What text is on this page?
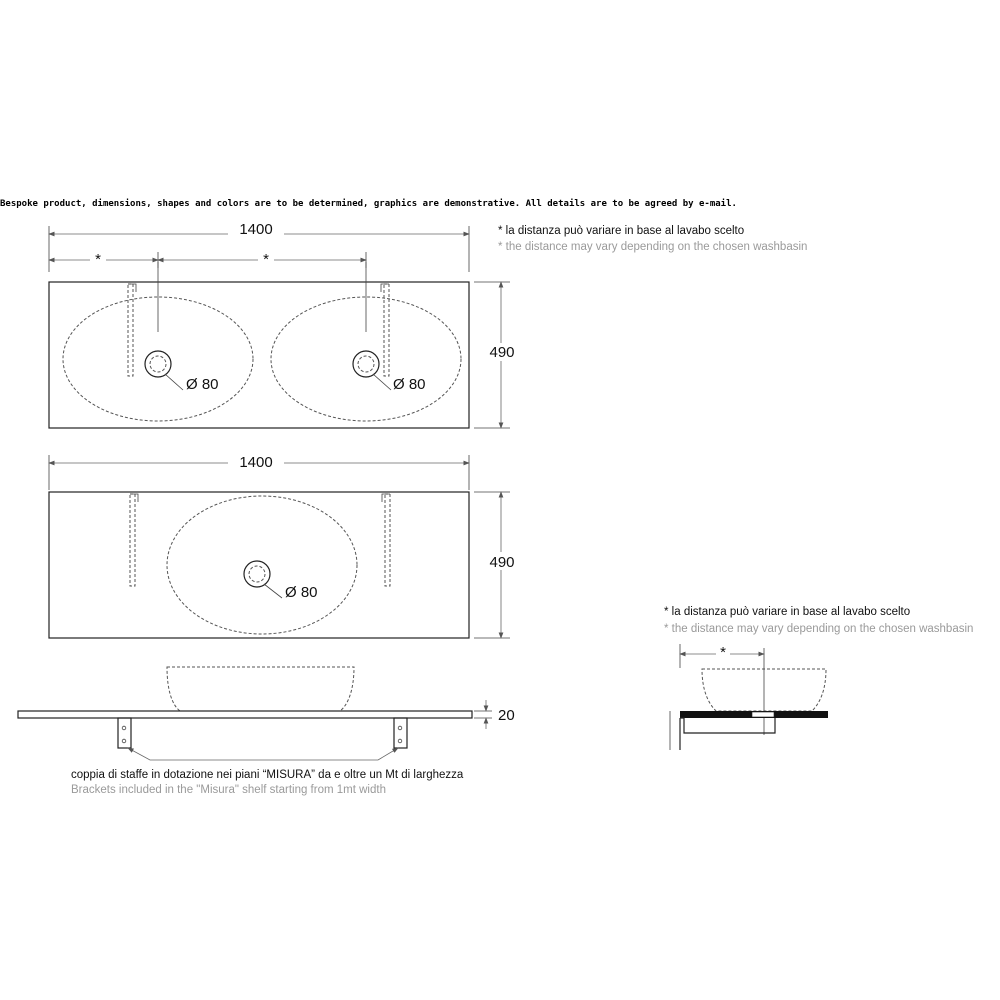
Bespoke product, dimensions, shapes and colors are to be determined, graphics are demonstrative. All details are to be agreed by e-mail.
1400
*	*
Ø 80	Ø 80
490
* la distanza può variare in base al lavabo scelto
* the distance may vary depending on the chosen washbasin
1400
Ø 80
490
20
coppia di staffe in dotazione nei piani “MISURA” da e oltre un Mt di larghezza
Brackets included in the "Misura" shelf starting from 1mt width
* la distanza può variare in base al lavabo scelto
* the distance may vary depending on the chosen washbasin
*
